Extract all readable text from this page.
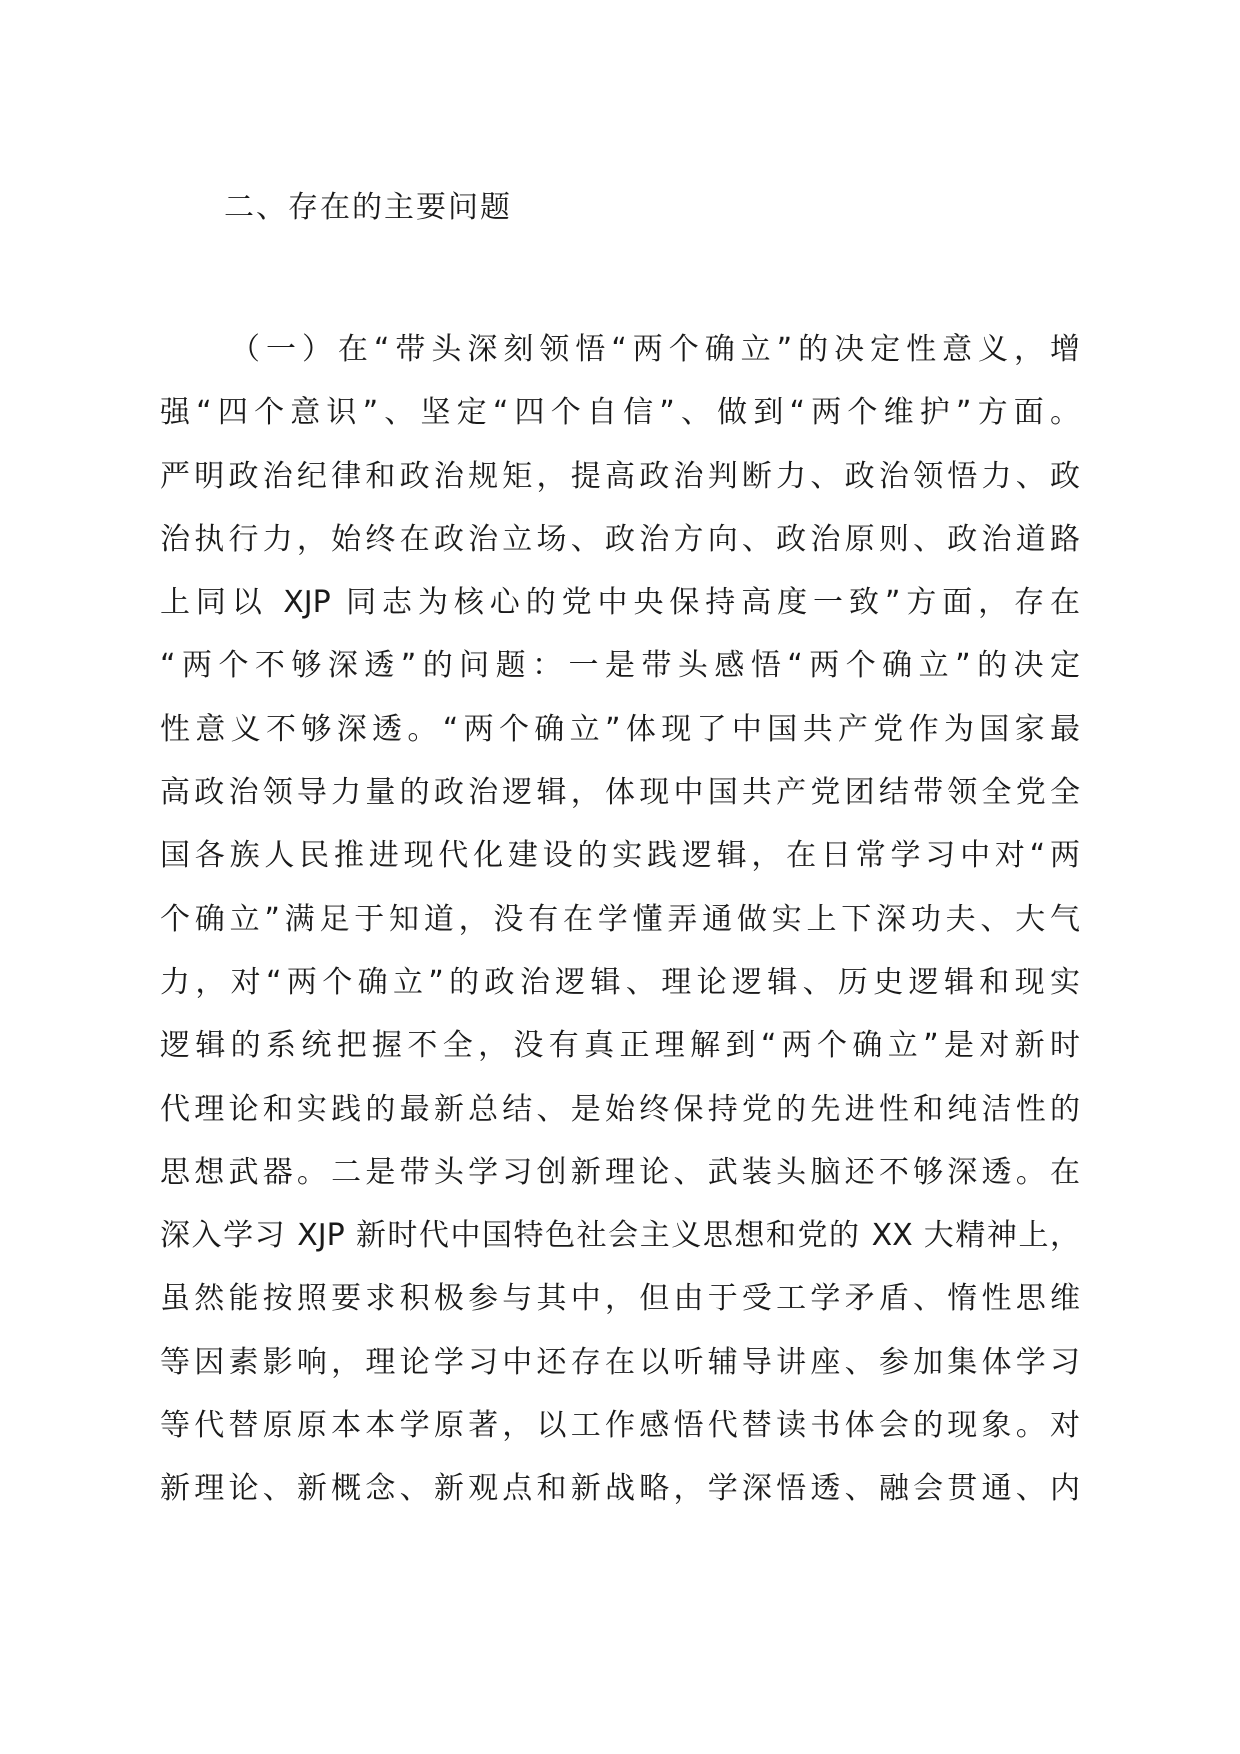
二、存在的主要问题
（一）在“带头深刻领悟“两个确立”的决定性意义，增
强“四个意识”、坚定“四个自信”、做到“两个维护”方面。
严明政治纪律和政治规矩，提高政治判断力、政治领悟力、政
治执行力，始终在政治立场、政治方向、政治原则、政治道路
上同以 XJP 同志为核心的党中央保持高度一致”方面，存在
“两个不够深透”的问题：一是带头感悟“两个确立”的决定
性意义不够深透。“两个确立”体现了中国共产党作为国家最
高政治领导力量的政治逻辑，体现中国共产党团结带领全党全
国各族人民推进现代化建设的实践逻辑，在日常学习中对“两
个确立”满足于知道，没有在学懂弄通做实上下深功夫、大气
力，对“两个确立”的政治逻辑、理论逻辑、历史逻辑和现实
逻辑的系统把握不全，没有真正理解到“两个确立”是对新时
代理论和实践的最新总结、是始终保持党的先进性和纯洁性的
思想武器。二是带头学习创新理论、武装头脑还不够深透。在
深入学习 XJP 新时代中国特色社会主义思想和党的 XX 大精神上，
虽然能按照要求积极参与其中，但由于受工学矛盾、惰性思维
等因素影响，理论学习中还存在以听辅导讲座、参加集体学习
等代替原原本本学原著，以工作感悟代替读书体会的现象。对
新理论、新概念、新观点和新战略，学深悟透、融会贯通、内
